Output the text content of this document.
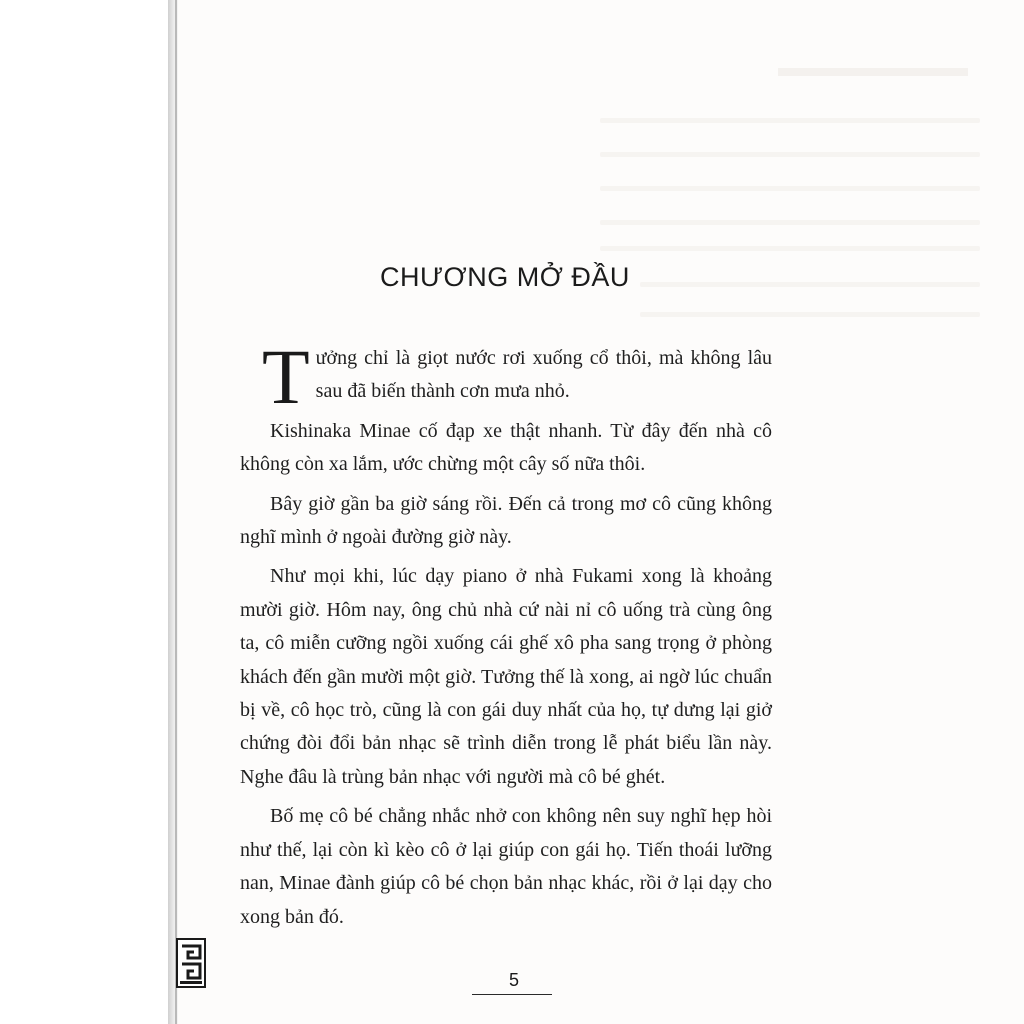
CHƯƠNG MỞ ĐẦU

Tưởng chỉ là giọt nước rơi xuống cổ thôi, mà không lâu sau đã biến thành cơn mưa nhỏ.

Kishinaka Minae cố đạp xe thật nhanh. Từ đây đến nhà cô không còn xa lắm, ước chừng một cây số nữa thôi.

Bây giờ gần ba giờ sáng rồi. Đến cả trong mơ cô cũng không nghĩ mình ở ngoài đường giờ này.

Như mọi khi, lúc dạy piano ở nhà Fukami xong là khoảng mười giờ. Hôm nay, ông chủ nhà cứ nài nỉ cô uống trà cùng ông ta, cô miễn cưỡng ngồi xuống cái ghế xô pha sang trọng ở phòng khách đến gần mười một giờ. Tưởng thế là xong, ai ngờ lúc chuẩn bị về, cô học trò, cũng là con gái duy nhất của họ, tự dưng lại giở chứng đòi đổi bản nhạc sẽ trình diễn trong lễ phát biểu lần này. Nghe đâu là trùng bản nhạc với người mà cô bé ghét.

Bố mẹ cô bé chẳng nhắc nhở con không nên suy nghĩ hẹp hòi như thế, lại còn kì kèo cô ở lại giúp con gái họ. Tiến thoái lưỡng nan, Minae đành giúp cô bé chọn bản nhạc khác, rồi ở lại dạy cho xong bản đó.

5
